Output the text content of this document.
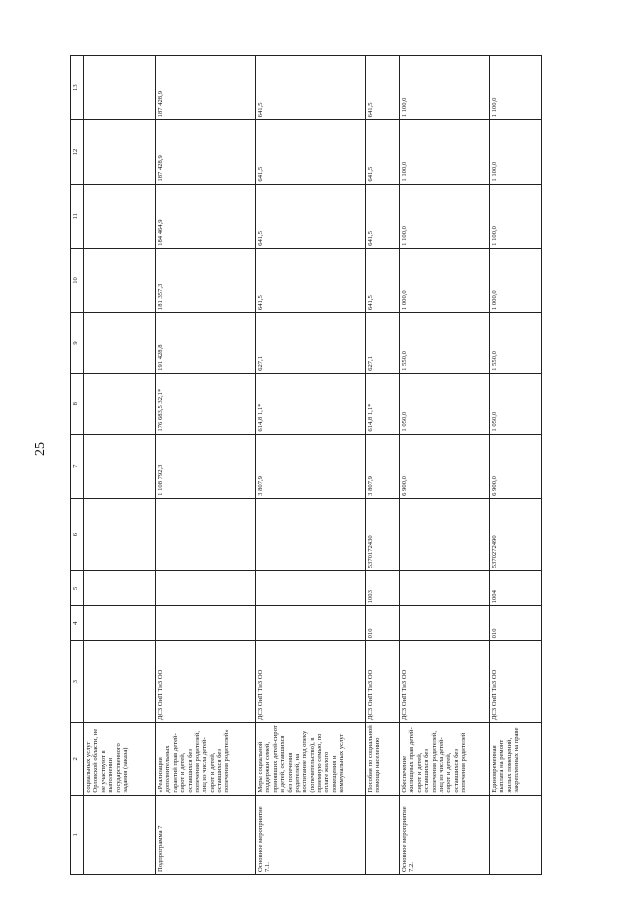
25
1	2	3	4	5	6	7	8	9	10	11	12	13
	социальных услуг Орловской области, не не участвуют в выполнении государственного задания (заказа)											
Подпрограмма 7	«Реализация дополнительных гарантий прав детей-сирот и детей, оставшихся без попечения родителей, лиц из числа детей-сирот и детей, оставшихся без попечения родителей»	ДСЗ ОиП ТиЗ ОО				1 108 792,3	176 683,5 32,1*	191 428,8	181 357,3	184 464,9	187 428,9	187 428,9
Основное мероприятие 7.1.	Меры социальной поддержки семей, принявших детей-сирот и детей, оставшихся без попечения родителей, на воспитание под опеку (попечительство), в приемную семью, по оплате жилого помещения и коммунальных услуг	ДСЗ ОиП ТиЗ ОО				3 807,9	614,8 1,1*	627,1	641,5	641,5	641,5	641,5
	Пособия по социальной помощи населению	ДСЗ ОиП ТиЗ ОО	010	1003	5370172430	3 807,9	614,8 1,1*	627,1	641,5	641,5	641,5	641,5
Основное мероприятие 7.2.	Обеспечение жилищных прав детей-сирот и детей, оставшихся без попечения родителей, лиц из числа детей-сирот и детей, оставшихся без попечения родителей	ДСЗ ОиП ТиЗ ОО				6 900,0	1 050,0	1 550,0	1 000,0	1 100,0	1 100,0	1 100,0
	Единовременная выплата на ремонт жилых помещений, закрепленных на праве	ДСЗ ОиП ТиЗ ОО	010	1004	5370272490	6 900,0	1 050,0	1 550,0	1 000,0	1 100,0	1 100,0	1 100,0
